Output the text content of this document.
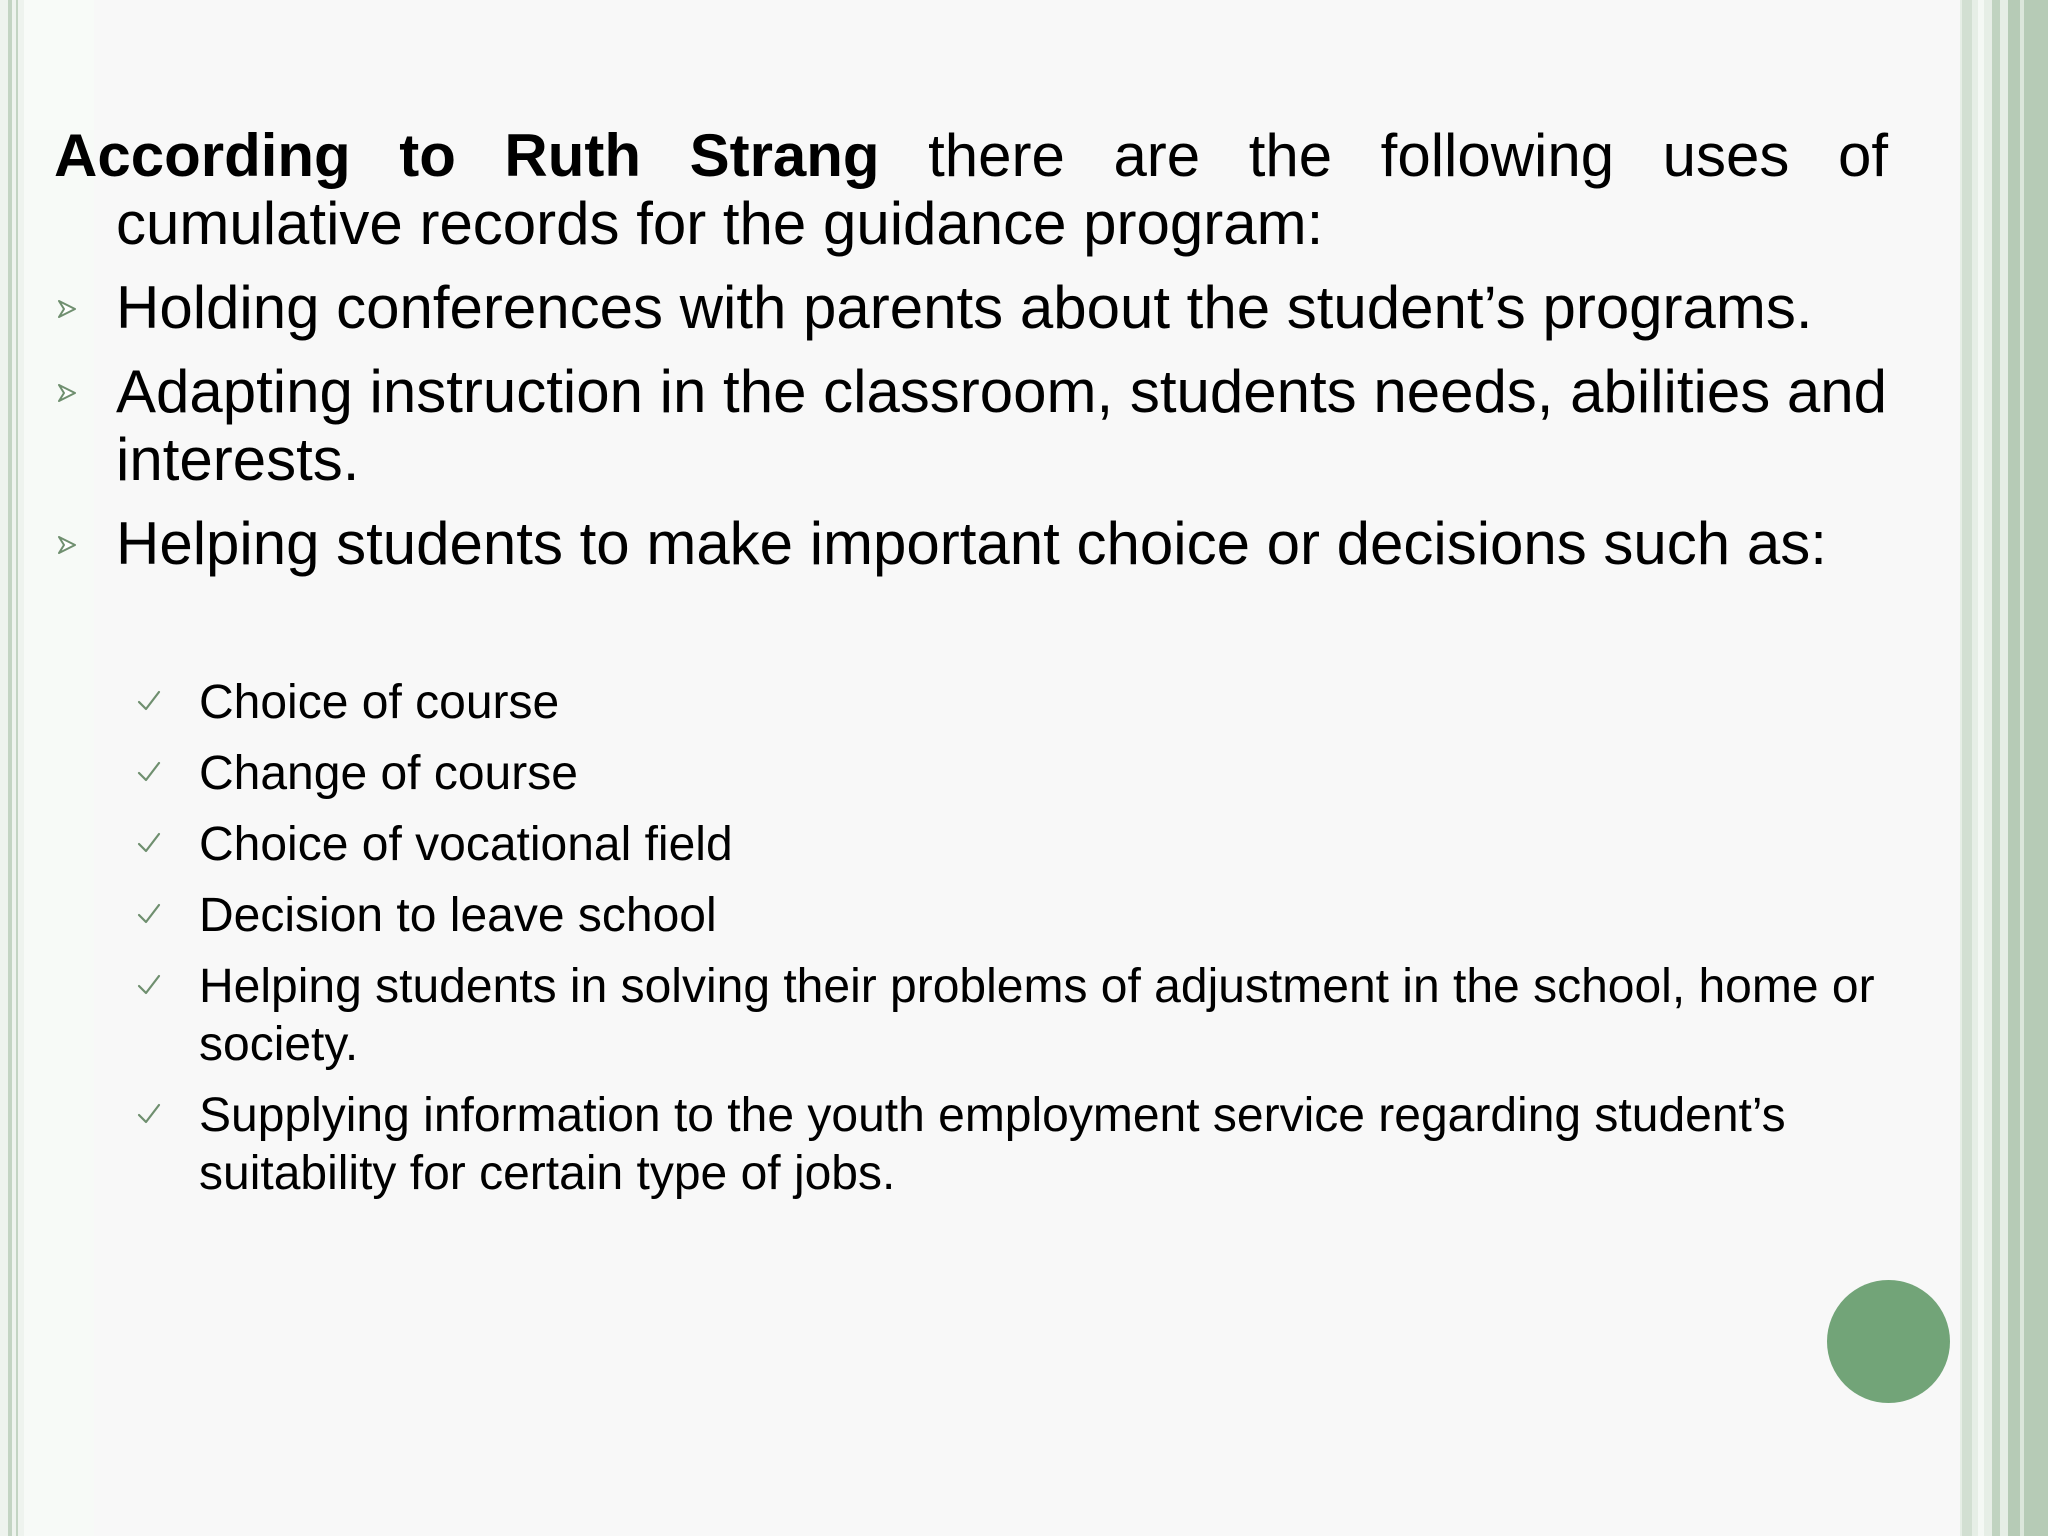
According to Ruth Strang there are the following uses of cumulative records for the guidance program:

Holding conferences with parents about the student’s programs.
Adapting instruction in the classroom, students needs, abilities and interests.
Helping students to make important choice or decisions such as:
Choice of course
Change of course
Choice of vocational field
Decision to leave school
Helping students in solving their problems of adjustment in the school, home or society.
Supplying information to the youth employment service regarding student’s suitability for certain type of jobs.
